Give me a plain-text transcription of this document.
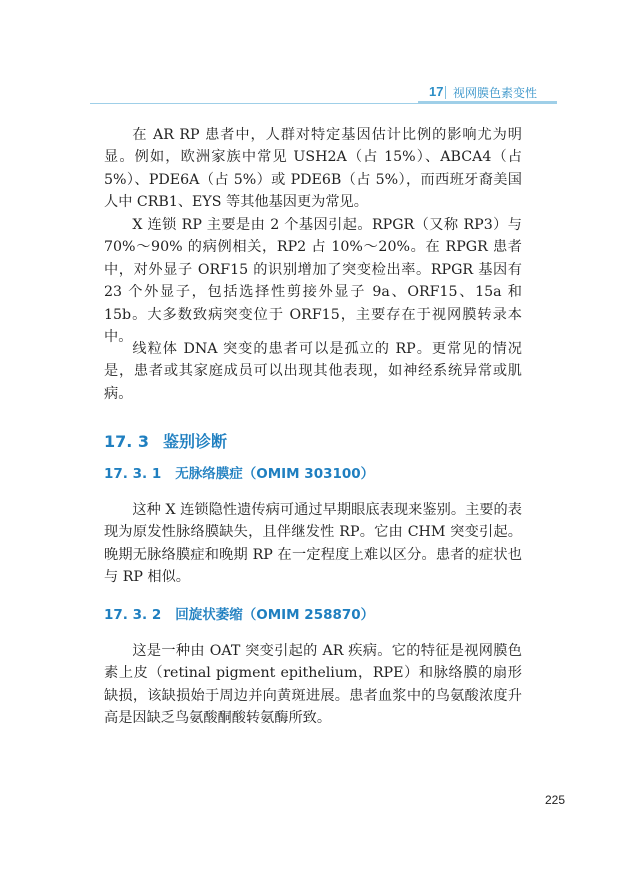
17 视网膜色素变性

在 AR RP 患者中，人群对特定基因估计比例的影响尤为明显。例如，欧洲家族中常见 USH2A（占 15%）、ABCA4（占 5%）、PDE6A（占 5%）或 PDE6B（占 5%），而西班牙裔美国人中 CRB1、EYS 等其他基因更为常见。

X 连锁 RP 主要是由 2 个基因引起。RPGR（又称 RP3）与 70%～90% 的病例相关，RP2 占 10%～20%。在 RPGR 患者中，对外显子 ORF15 的识别增加了突变检出率。RPGR 基因有 23 个外显子，包括选择性剪接外显子 9a、ORF15、15a 和 15b。大多数致病突变位于 ORF15，主要存在于视网膜转录本中。

线粒体 DNA 突变的患者可以是孤立的 RP。更常见的情况是，患者或其家庭成员可以出现其他表现，如神经系统异常或肌病。

17. 3 鉴别诊断
17. 3. 1 无脉络膜症（OMIM 303100）

这种 X 连锁隐性遗传病可通过早期眼底表现来鉴别。主要的表现为原发性脉络膜缺失，且伴继发性 RP。它由 CHM 突变引起。晚期无脉络膜症和晚期 RP 在一定程度上难以区分。患者的症状也与 RP 相似。

17. 3. 2 回旋状萎缩（OMIM 258870）

这是一种由 OAT 突变引起的 AR 疾病。它的特征是视网膜色素上皮（retinal pigment epithelium，RPE）和脉络膜的扇形缺损，该缺损始于周边并向黄斑进展。患者血浆中的鸟氨酸浓度升高是因缺乏鸟氨酸酮酸转氨酶所致。

225
